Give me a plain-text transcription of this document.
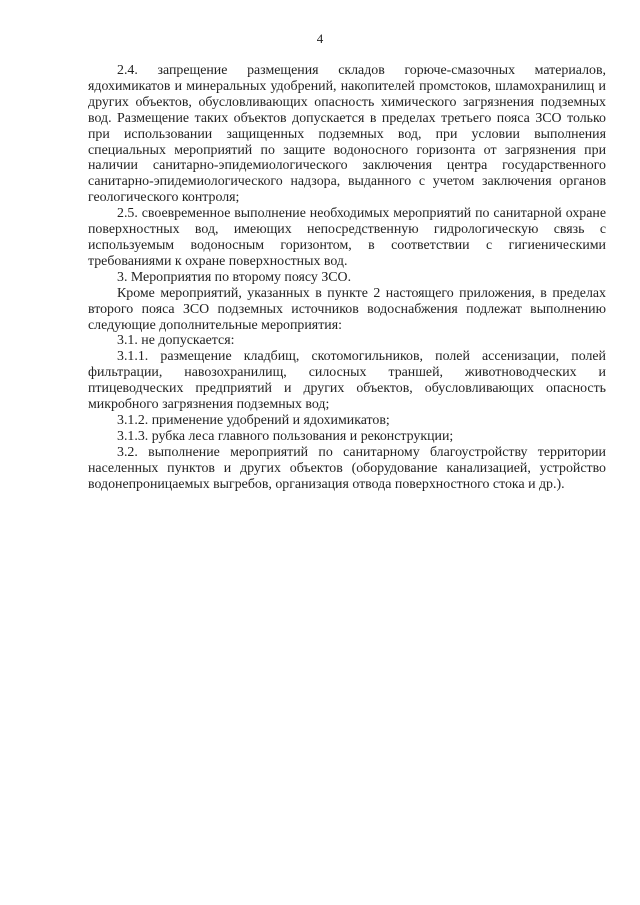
4

2.4. запрещение размещения складов горюче-смазочных материалов, ядохимикатов и минеральных удобрений, накопителей промстоков, шламохранилищ и других объектов, обусловливающих опасность химического загрязнения подземных вод. Размещение таких объектов допускается в пределах третьего пояса ЗСО только при использовании защищенных подземных вод, при условии выполнения специальных мероприятий по защите водоносного горизонта от загрязнения при наличии санитарно-эпидемиологического заключения центра государственного санитарно-эпидемиологического надзора, выданного с учетом заключения органов геологического контроля;

2.5. своевременное выполнение необходимых мероприятий по санитарной охране поверхностных вод, имеющих непосредственную гидрологическую связь с используемым водоносным горизонтом, в соответствии с гигиеническими требованиями к охране поверхностных вод.

3. Мероприятия по второму поясу ЗСО.

Кроме мероприятий, указанных в пункте 2 настоящего приложения, в пределах второго пояса ЗСО подземных источников водоснабжения подлежат выполнению следующие дополнительные мероприятия:

3.1. не допускается:

3.1.1. размещение кладбищ, скотомогильников, полей ассенизации, полей фильтрации, навозохранилищ, силосных траншей, животноводческих и птицеводческих предприятий и других объектов, обусловливающих опасность микробного загрязнения подземных вод;

3.1.2. применение удобрений и ядохимикатов;

3.1.3. рубка леса главного пользования и реконструкции;

3.2. выполнение мероприятий по санитарному благоустройству территории населенных пунктов и других объектов (оборудование канализацией, устройство водонепроницаемых выгребов, организация отвода поверхностного стока и др.).
